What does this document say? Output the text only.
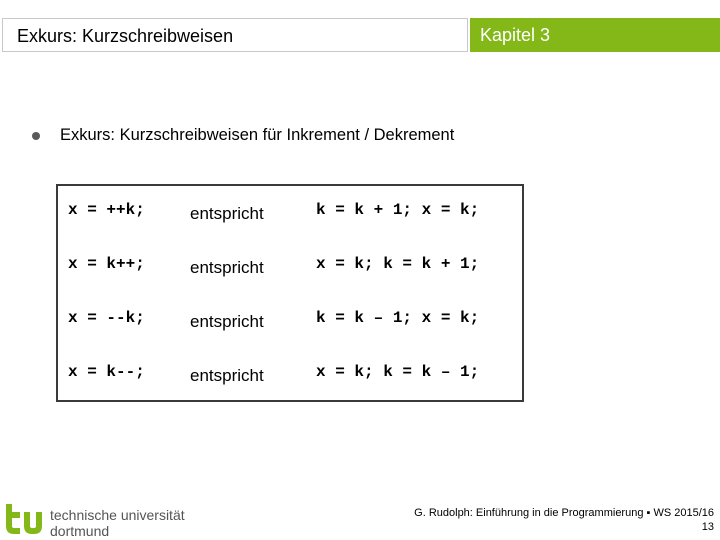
Exkurs: Kurzschreibweisen	Kapitel 3
Exkurs: Kurzschreibweisen für Inkrement / Dekrement
x = ++k;	entspricht	k = k + 1; x = k;
x = k++;	entspricht	x = k; k = k + 1;
x = --k;	entspricht	k = k – 1; x = k;
x = k--;	entspricht	x = k; k = k – 1;
technische universität
dortmund
G. Rudolph: Einführung in die Programmierung ▪ WS 2015/16
13
